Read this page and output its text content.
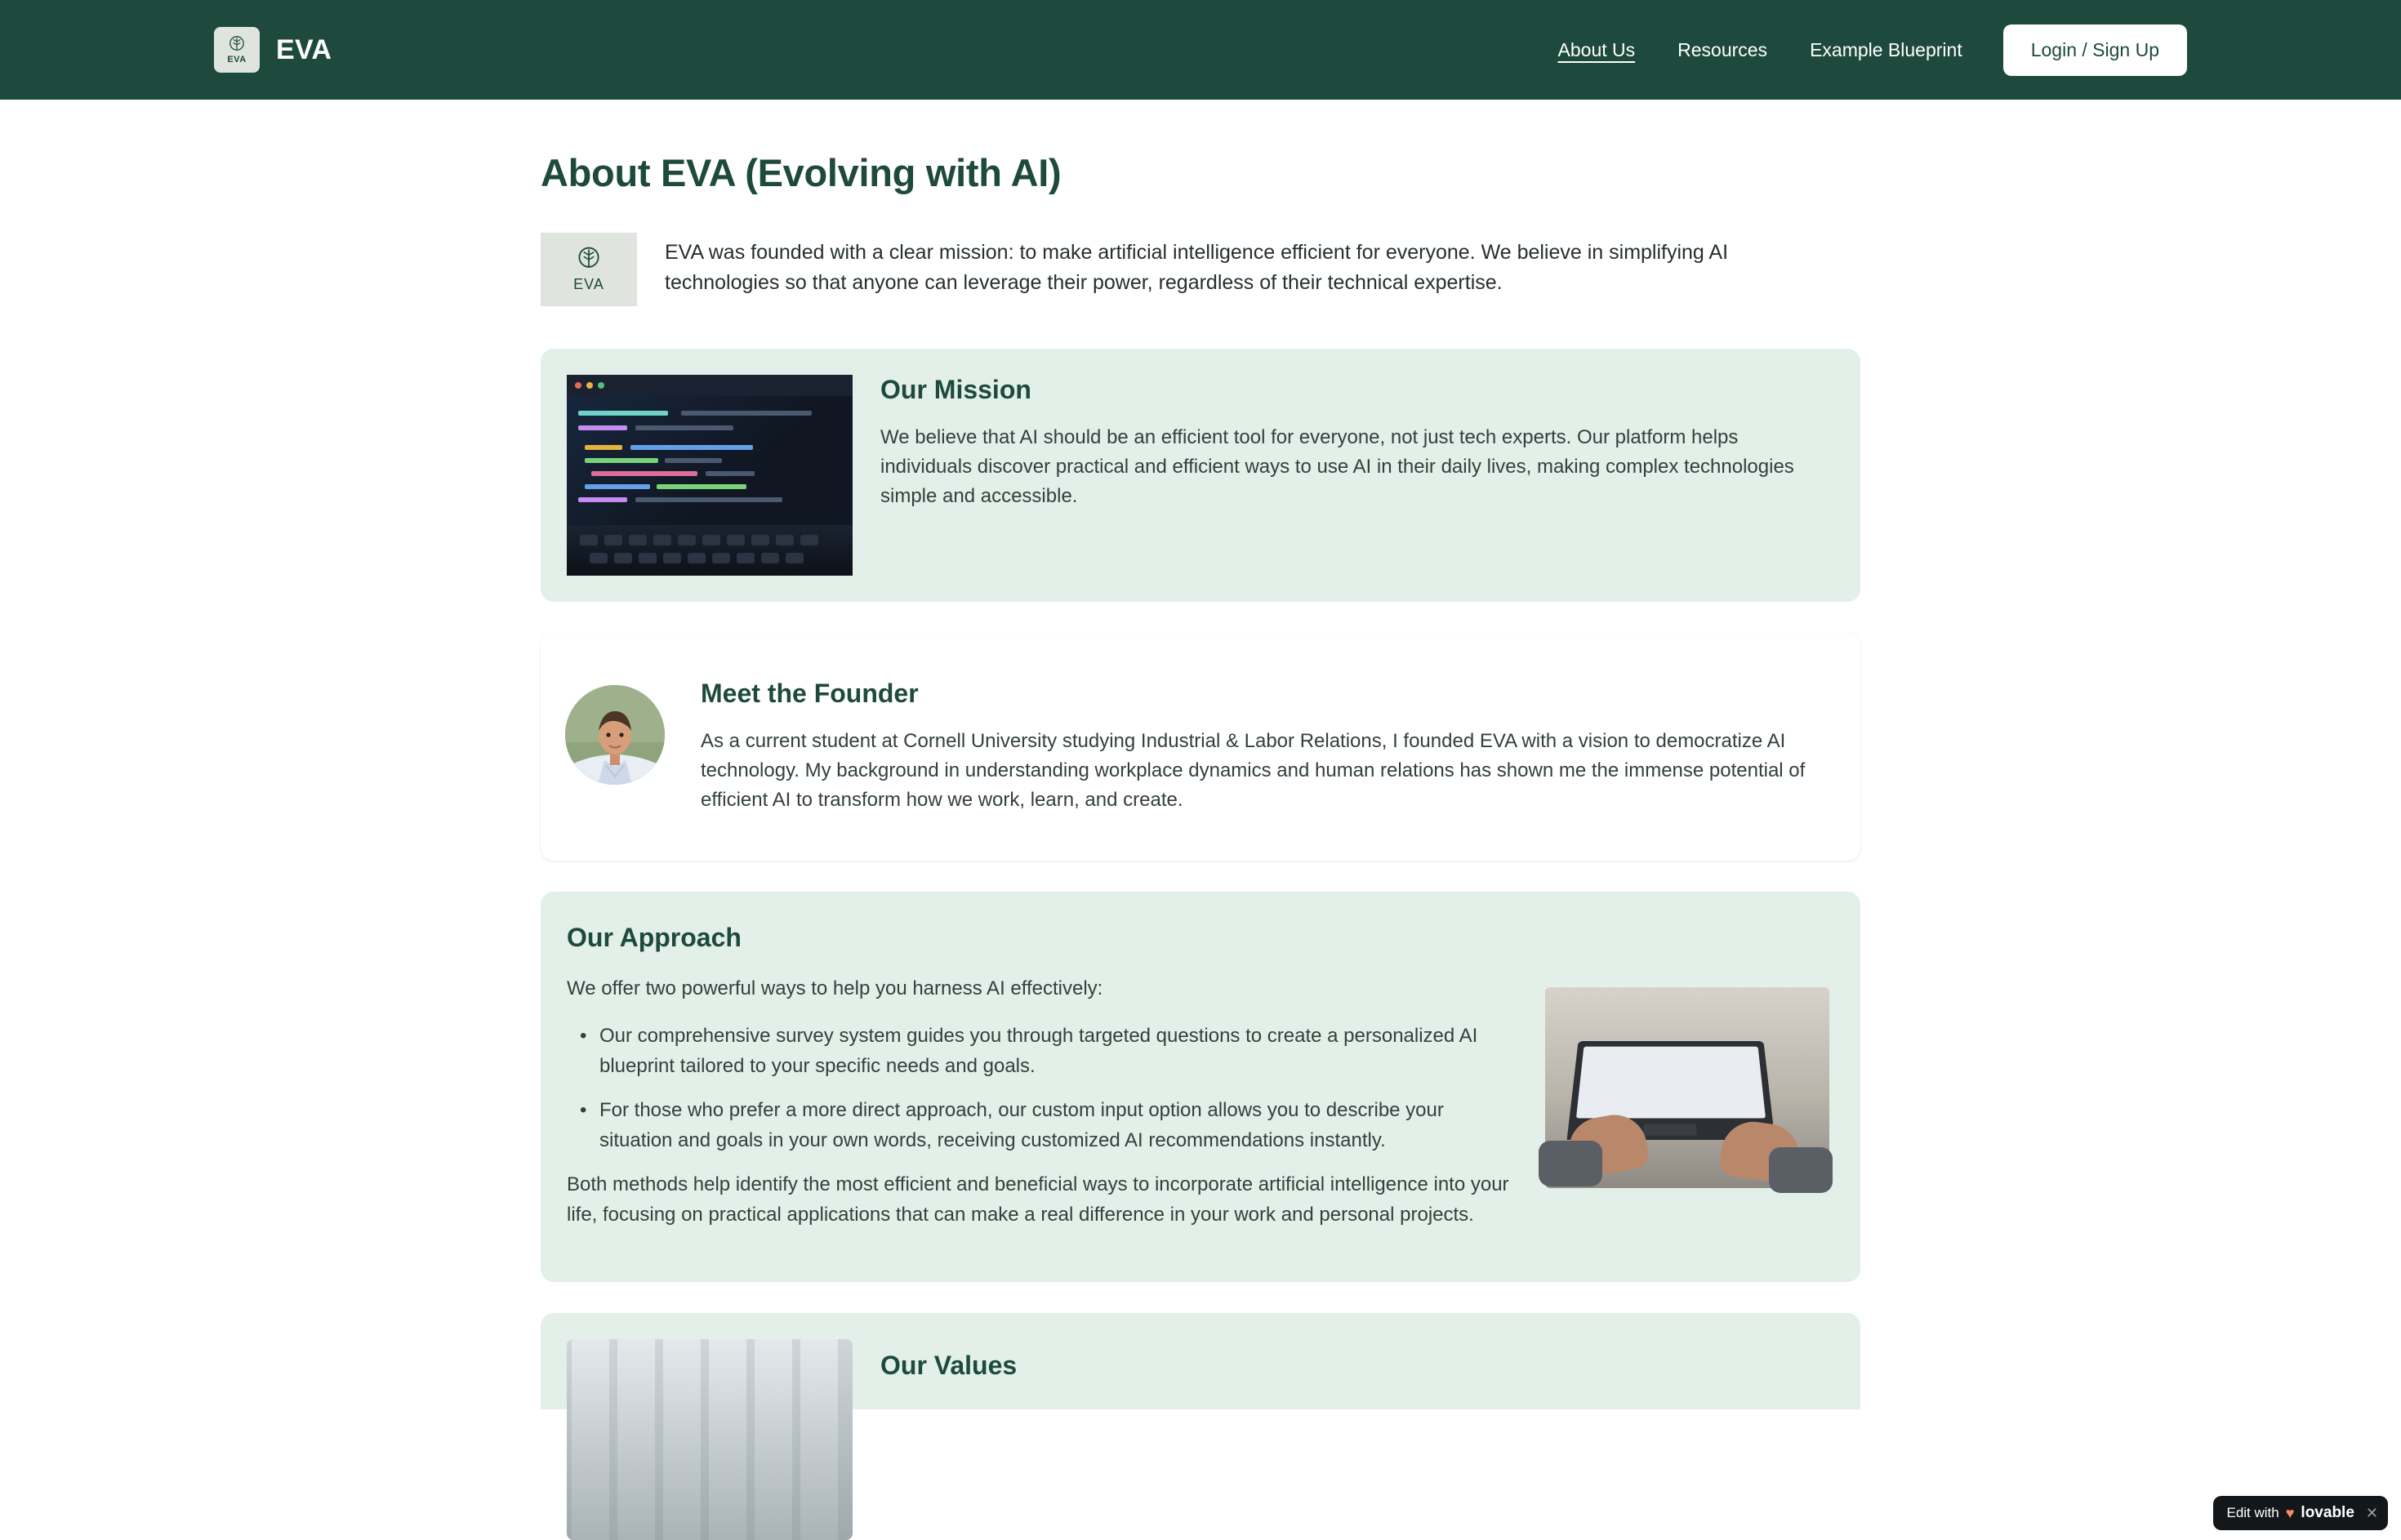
EVA EVA	About Us	Resources	Example Blueprint	Login / Sign Up
About EVA (Evolving with AI)
EVA

EVA was founded with a clear mission: to make artificial intelligence efficient for everyone. We believe in simplifying AI technologies so that anyone can leverage their power, regardless of their technical expertise.

Our Mission

We believe that AI should be an efficient tool for everyone, not just tech experts. Our platform helps individuals discover practical and efficient ways to use AI in their daily lives, making complex technologies simple and accessible.

Meet the Founder

As a current student at Cornell University studying Industrial & Labor Relations, I founded EVA with a vision to democratize AI technology. My background in understanding workplace dynamics and human relations has shown me the immense potential of efficient AI to transform how we work, learn, and create.

Our Approach

We offer two powerful ways to help you harness AI effectively:

• Our comprehensive survey system guides you through targeted questions to create a personalized AI blueprint tailored to your specific needs and goals.

• For those who prefer a more direct approach, our custom input option allows you to describe your situation and goals in your own words, receiving customized AI recommendations instantly.

Both methods help identify the most efficient and beneficial ways to incorporate artificial intelligence into your life, focusing on practical applications that can make a real difference in your work and personal projects.

Our Values
Edit with ♥ lovable ✕
